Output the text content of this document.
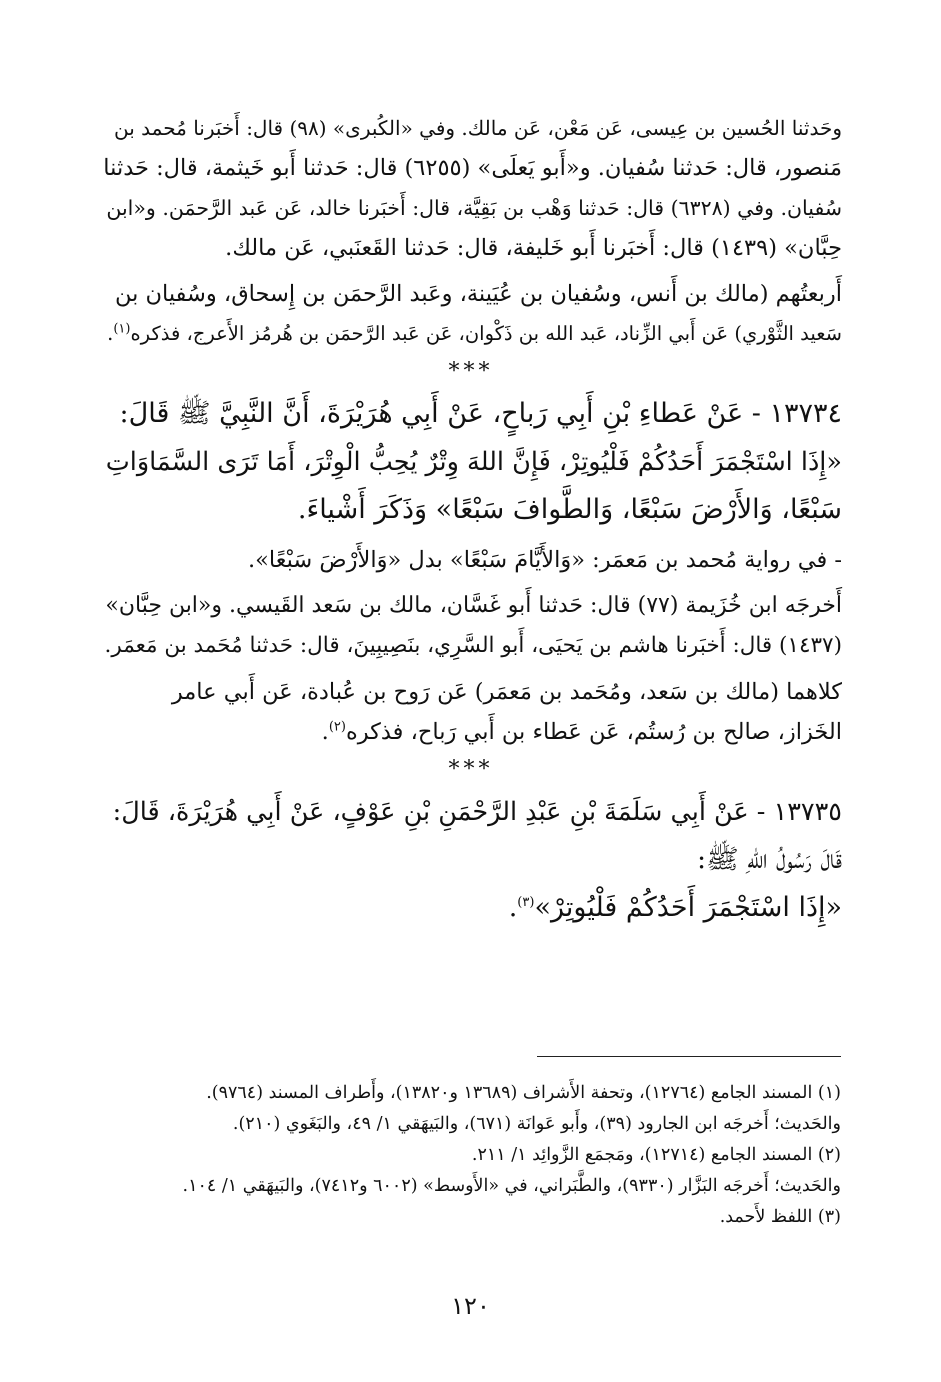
وحَدثنا الحُسين بن عِيسى، عَن مَعْن، عَن مالك. وفي «الكُبرى» (٩٨) قال: أَخبَرنا مُحمد بن
مَنصور، قال: حَدثنا سُفيان. و«أَبو يَعلَى» (٦٢٥٥) قال: حَدثنا أَبو خَيثمة، قال: حَدثنا
سُفيان. وفي (٦٣٢٨) قال: حَدثنا وَهْب بن بَقِيَّة، قال: أَخبَرنا خالد، عَن عَبد الرَّحمَن. و«ابن
حِبَّان» (١٤٣٩) قال: أَخبَرنا أَبو خَليفة، قال: حَدثنا القَعنَبي، عَن مالك.

أَربعتُهم (مالك بن أَنس، وسُفيان بن عُيَينة، وعَبد الرَّحمَن بن إِسحاق، وسُفيان بن
سَعيد الثَّوْري) عَن أَبي الزِّناد، عَبد الله بن ذَكْوان، عَن عَبد الرَّحمَن بن هُرمُز الأَعرج، فذكره$^{(١)}$.

***

١٣٧٣٤ - عَنْ عَطاءِ بْنِ أَبِي رَباحٍ، عَنْ أَبِي هُرَيْرَةَ، أَنَّ النَّبِيَّ ﷺ قَالَ:
«إِذَا اسْتَجْمَرَ أَحَدُكُمْ فَلْيُوتِرْ، فَإِنَّ اللهَ وِتْرٌ يُحِبُّ الْوِتْرَ، أَمَا تَرَى السَّمَاوَاتِ
سَبْعًا، وَالأَرْضَ سَبْعًا، وَالطَّوافَ سَبْعًا» وَذَكَرَ أَشْياءَ.

- في رواية مُحمد بن مَعمَر: «وَالأَيَّامَ سَبْعًا» بدل «وَالأَرْضَ سَبْعًا».

أَخرجَه ابن خُزَيمة (٧٧) قال: حَدثنا أَبو غَسَّان، مالك بن سَعد القَيسي. و«ابن حِبَّان»
(١٤٣٧) قال: أَخبَرنا هاشم بن يَحيَى، أَبو السَّرِي، بنَصِيبِينَ، قال: حَدثنا مُحَمد بن مَعمَر.

كلاهما (مالك بن سَعد، ومُحَمد بن مَعمَر) عَن رَوح بن عُبادة، عَن أَبي عامر
الخَزاز، صالح بن رُستُم، عَن عَطاء بن أَبي رَباح، فذكره$^{(٢)}$.

***

١٣٧٣٥ - عَنْ أَبِي سَلَمَةَ بْنِ عَبْدِ الرَّحْمَنِ بْنِ عَوْفٍ، عَنْ أَبِي هُرَيْرَةَ، قَالَ:
قَالَ رَسُولُ اللهِ ﷺ:
«إِذَا اسْتَجْمَرَ أَحَدُكُمْ فَلْيُوتِرْ»$^{(٣)}$.

(١) المسند الجامع (١٢٧٦٤)، وتحفة الأَشراف (١٣٦٨٩ و١٣٨٢٠)، وأَطراف المسند (٩٧٦٤).
والحَديث؛ أَخرجَه ابن الجارود (٣٩)، وأَبو عَوانَة (٦٧١)، والبَيهَقي ١/ ٤٩، والبَغَوي (٢١٠).
(٢) المسند الجامع (١٢٧١٤)، ومَجمَع الزَّوائِد ١/ ٢١١.
والحَديث؛ أَخرجَه البَزَّار (٩٣٣٠)، والطَّبَراني، في «الأَوسط» (٦٠٠٢ و٧٤١٢)، والبَيهَقي ١/ ١٠٤.
(٣) اللفظ لأَحمد.
١٢٠
